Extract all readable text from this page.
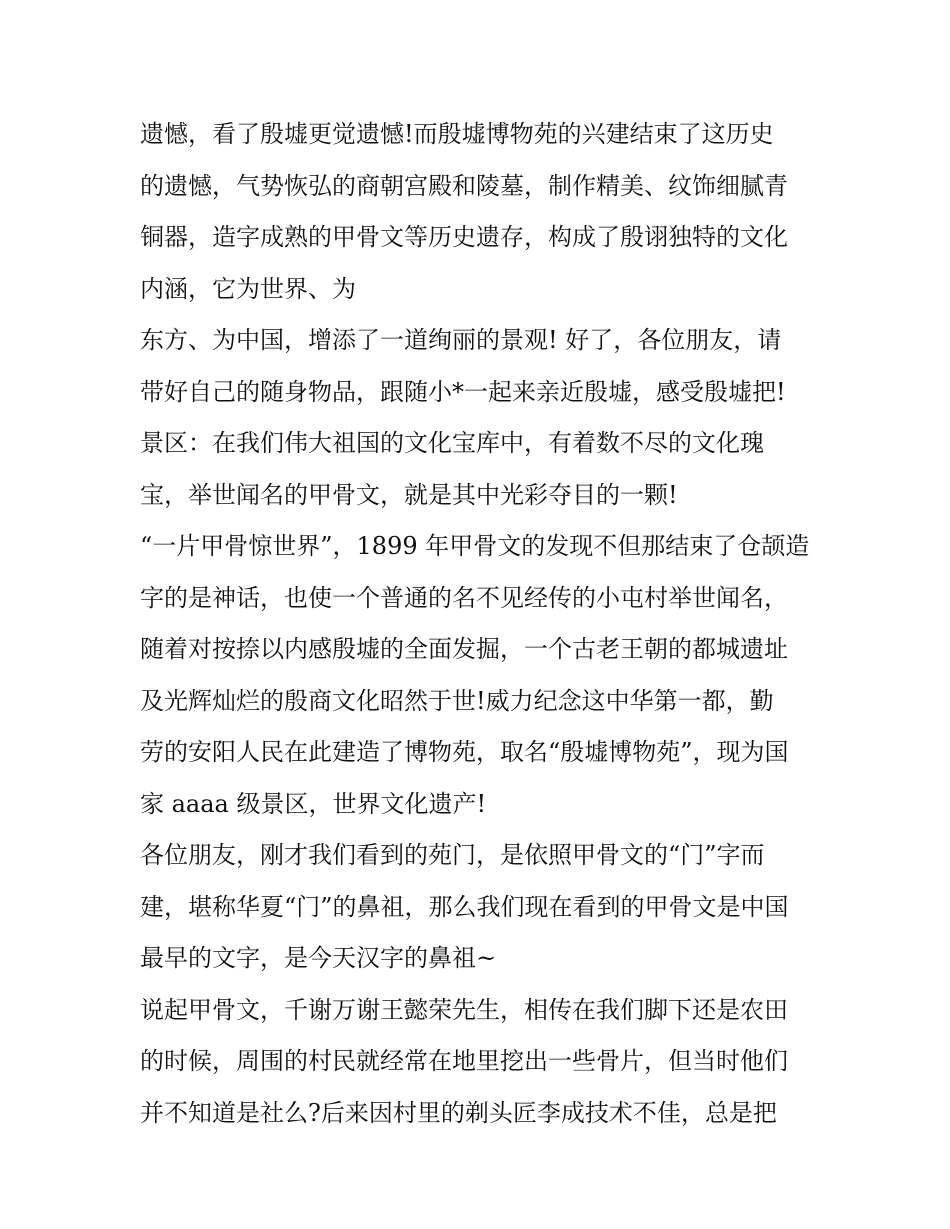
遗憾，看了殷墟更觉遗憾!而殷墟博物苑的兴建结束了这历史
的遗憾，气势恢弘的商朝宫殿和陵墓，制作精美、纹饰细腻青
铜器，造字成熟的甲骨文等历史遗存，构成了殷诩独特的文化
内涵，它为世界、为
东方、为中国，增添了一道绚丽的景观! 好了，各位朋友，请
带好自己的随身物品，跟随小*一起来亲近殷墟，感受殷墟把!
景区：在我们伟大祖国的文化宝库中，有着数不尽的文化瑰
宝，举世闻名的甲骨文，就是其中光彩夺目的一颗!
“一片甲骨惊世界”，1899 年甲骨文的发现不但那结束了仓颉造
字的是神话，也使一个普通的名不见经传的小屯村举世闻名，
随着对按捺以内感殷墟的全面发掘，一个古老王朝的都城遗址
及光辉灿烂的殷商文化昭然于世!威力纪念这中华第一都，勤
劳的安阳人民在此建造了博物苑，取名“殷墟博物苑”，现为国
家 aaaa 级景区，世界文化遗产!
各位朋友，刚才我们看到的苑门，是依照甲骨文的“门”字而
建，堪称华夏“门”的鼻祖，那么我们现在看到的甲骨文是中国
最早的文字，是今天汉字的鼻祖~
说起甲骨文，千谢万谢王懿荣先生，相传在我们脚下还是农田
的时候，周围的村民就经常在地里挖出一些骨片，但当时他们
并不知道是社么?后来因村里的剃头匠李成技术不佳，总是把
